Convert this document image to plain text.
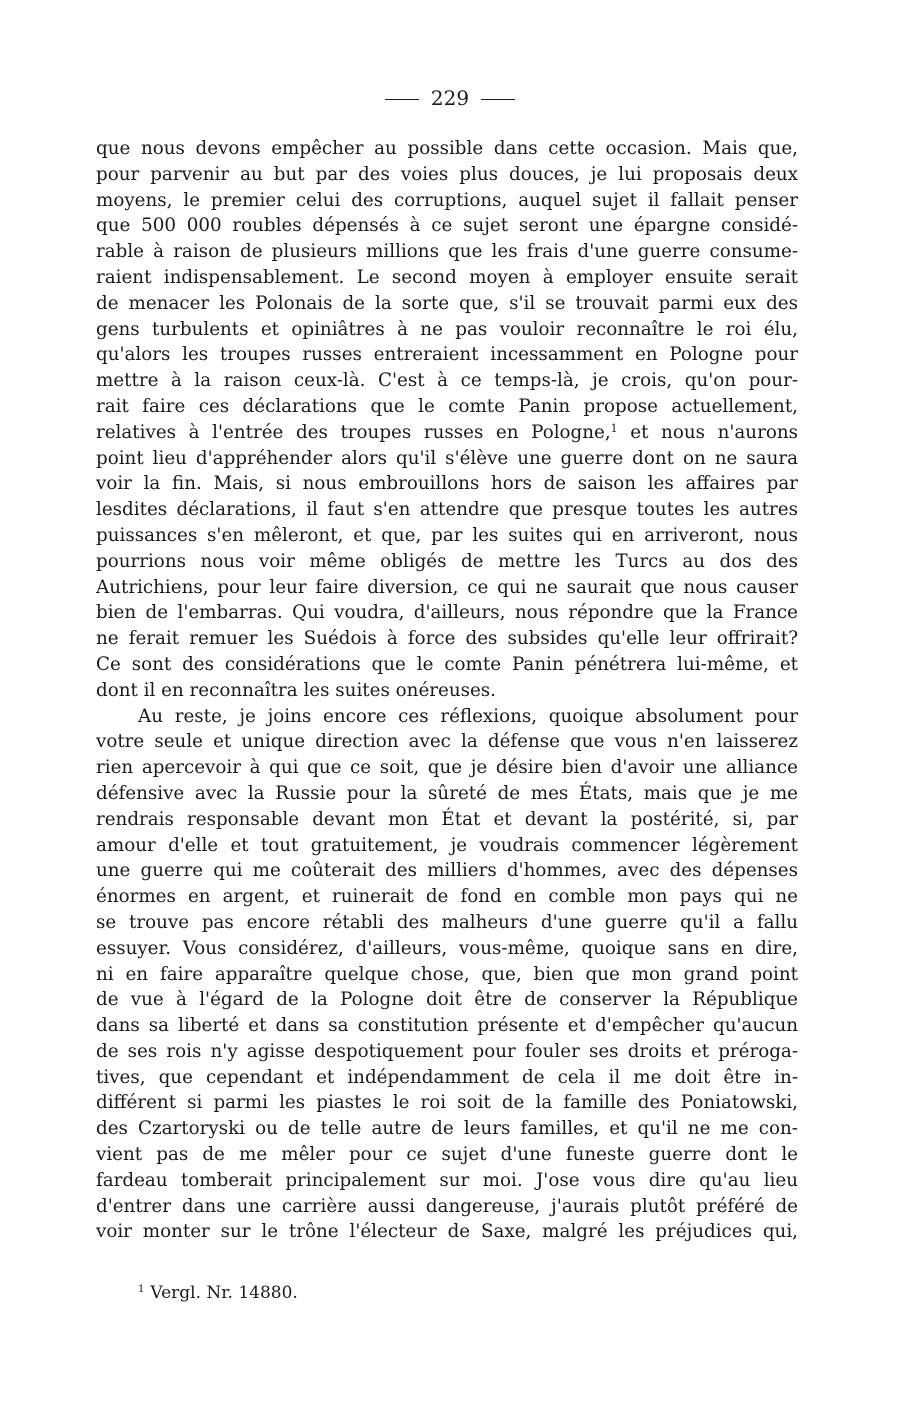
229
que nous devons empêcher au possible dans cette occasion. Mais que,
pour parvenir au but par des voies plus douces, je lui proposais deux
moyens, le premier celui des corruptions, auquel sujet il fallait penser
que 500 000 roubles dépensés à ce sujet seront une épargne considé-
rable à raison de plusieurs millions que les frais d'une guerre consume-
raient indispensablement. Le second moyen à employer ensuite serait
de menacer les Polonais de la sorte que, s'il se trouvait parmi eux des
gens turbulents et opiniâtres à ne pas vouloir reconnaître le roi élu,
qu'alors les troupes russes entreraient incessamment en Pologne pour
mettre à la raison ceux-là. C'est à ce temps-là, je crois, qu'on pour-
rait faire ces déclarations que le comte Panin propose actuellement,
relatives à l'entrée des troupes russes en Pologne,$^1$ et nous n'aurons
point lieu d'appréhender alors qu'il s'élève une guerre dont on ne saura
voir la fin. Mais, si nous embrouillons hors de saison les affaires par
lesdites déclarations, il faut s'en attendre que presque toutes les autres
puissances s'en mêleront, et que, par les suites qui en arriveront, nous
pourrions nous voir même obligés de mettre les Turcs au dos des
Autrichiens, pour leur faire diversion, ce qui ne saurait que nous causer
bien de l'embarras. Qui voudra, d'ailleurs, nous répondre que la France
ne ferait remuer les Suédois à force des subsides qu'elle leur offrirait?
Ce sont des considérations que le comte Panin pénétrera lui-même, et
dont il en reconnaîtra les suites onéreuses.
Au reste, je joins encore ces réflexions, quoique absolument pour
votre seule et unique direction avec la défense que vous n'en laisserez
rien apercevoir à qui que ce soit, que je désire bien d'avoir une alliance
défensive avec la Russie pour la sûreté de mes États, mais que je me
rendrais responsable devant mon État et devant la postérité, si, par
amour d'elle et tout gratuitement, je voudrais commencer légèrement
une guerre qui me coûterait des milliers d'hommes, avec des dépenses
énormes en argent, et ruinerait de fond en comble mon pays qui ne
se trouve pas encore rétabli des malheurs d'une guerre qu'il a fallu
essuyer. Vous considérez, d'ailleurs, vous-même, quoique sans en dire,
ni en faire apparaître quelque chose, que, bien que mon grand point
de vue à l'égard de la Pologne doit être de conserver la République
dans sa liberté et dans sa constitution présente et d'empêcher qu'aucun
de ses rois n'y agisse despotiquement pour fouler ses droits et préroga-
tives, que cependant et indépendamment de cela il me doit être in-
différent si parmi les piastes le roi soit de la famille des Poniatowski,
des Czartoryski ou de telle autre de leurs familles, et qu'il ne me con-
vient pas de me mêler pour ce sujet d'une funeste guerre dont le
fardeau tomberait principalement sur moi. J'ose vous dire qu'au lieu
d'entrer dans une carrière aussi dangereuse, j'aurais plutôt préféré de
voir monter sur le trône l'électeur de Saxe, malgré les préjudices qui,
$^1$ Vergl. Nr. 14880.
